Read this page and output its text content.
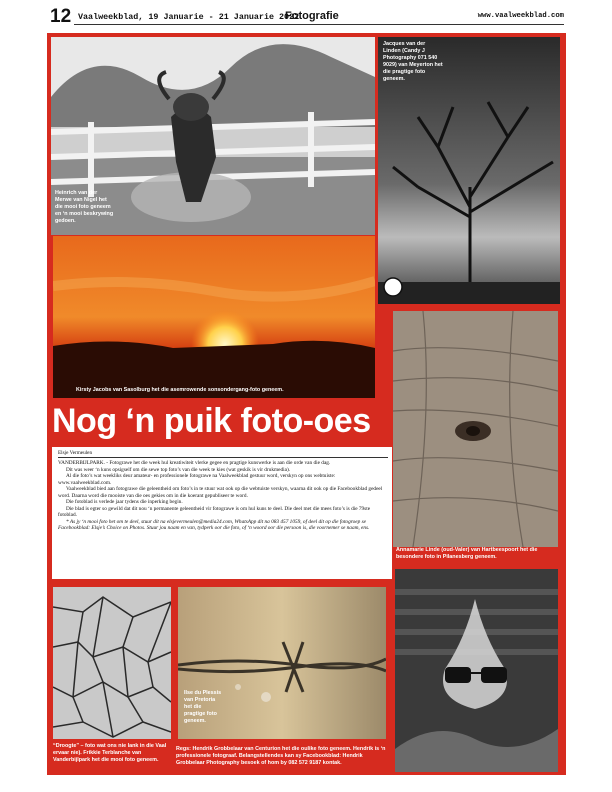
12 Vaalweekblad, 19 Januarie - 21 Januarie 2022
Fotografie	www.vaalweekblad.com
Heinrich van der Merwe van Nigel het die mooi foto geneem en ‘n mooi beskrywing gedoen.
Jacques van der Linden (Candy J Photography 071 540 9029) van Meyerton het die pragtige foto geneem.
Kirsty Jacobs van Sasolburg het die asemrowende sonsondergang-foto geneem.
Nog ‘n puik foto-oes
Elsje Vermeulen

VANDERBIJLPARK. - Fotograwe het die week hul kreatiwiteit vlerke gegee en pragtige kunswerke is aan die orde van die dag.

Dit was weer ‘n kuns opsigself om die sewe top foto’s van die week te kies (wat geskik is vir drukmedia).

Al die foto’s wat weekliks deur amateur- en professionele fotograwe na Vaalweekblad gestuur word, verskyn op ons webtuiste: www.vaalweekblad.com.

Vaalweekblad bied aan fotograwe die geleentheid om foto’s in te stuur wat ook op die webtuiste verskyn, waarna dit ook op die Facebookblad gedeel word. Daarna word die mooiste van die oes gekies om in die koerant gepubliseer te word.

Die fotoblad is verlede jaar tydens die inperking begin.

Die blad is egter so gewild dat dit nou ‘n permanente geleentheid vir fotograwe is om hul kuns te deel. Die deel met die mees foto’s is die 79ste fotoblad.

* As jy ‘n mooi foto het om te deel, stuur dit na elsjevermeulen@media24.com, WhatsApp dit na 083 457 1059, of deel dit op die fotogroep se Facebookblad: Elsje’s Choice on Photos. Stuur jou naam en van, tydperk oor die foto, of ‘n woord oor die persoon is, die voornemer se naam, ens.

Annamarie Linde (oud-Valer) van Hartbeespoort het die besondere foto in Pilanesberg geneem.
“Droogte” – foto wat ons nie lank in die Vaal ervaar nie). Frikkie Terblanche van Vanderbijlpark het die mooi foto geneem.
Ilse du Plessis van Pretoria het die pragtige foto geneem.
Regs: Hendrik Grobbelaar van Centurion het die oulike foto geneem. Hendrik is ‘n professionele fotograaf. Belangstellendes kan sy Facebookblad: Hendrik Grobbelaar Photography besoek of hom by 082 572 9187 kontak.
